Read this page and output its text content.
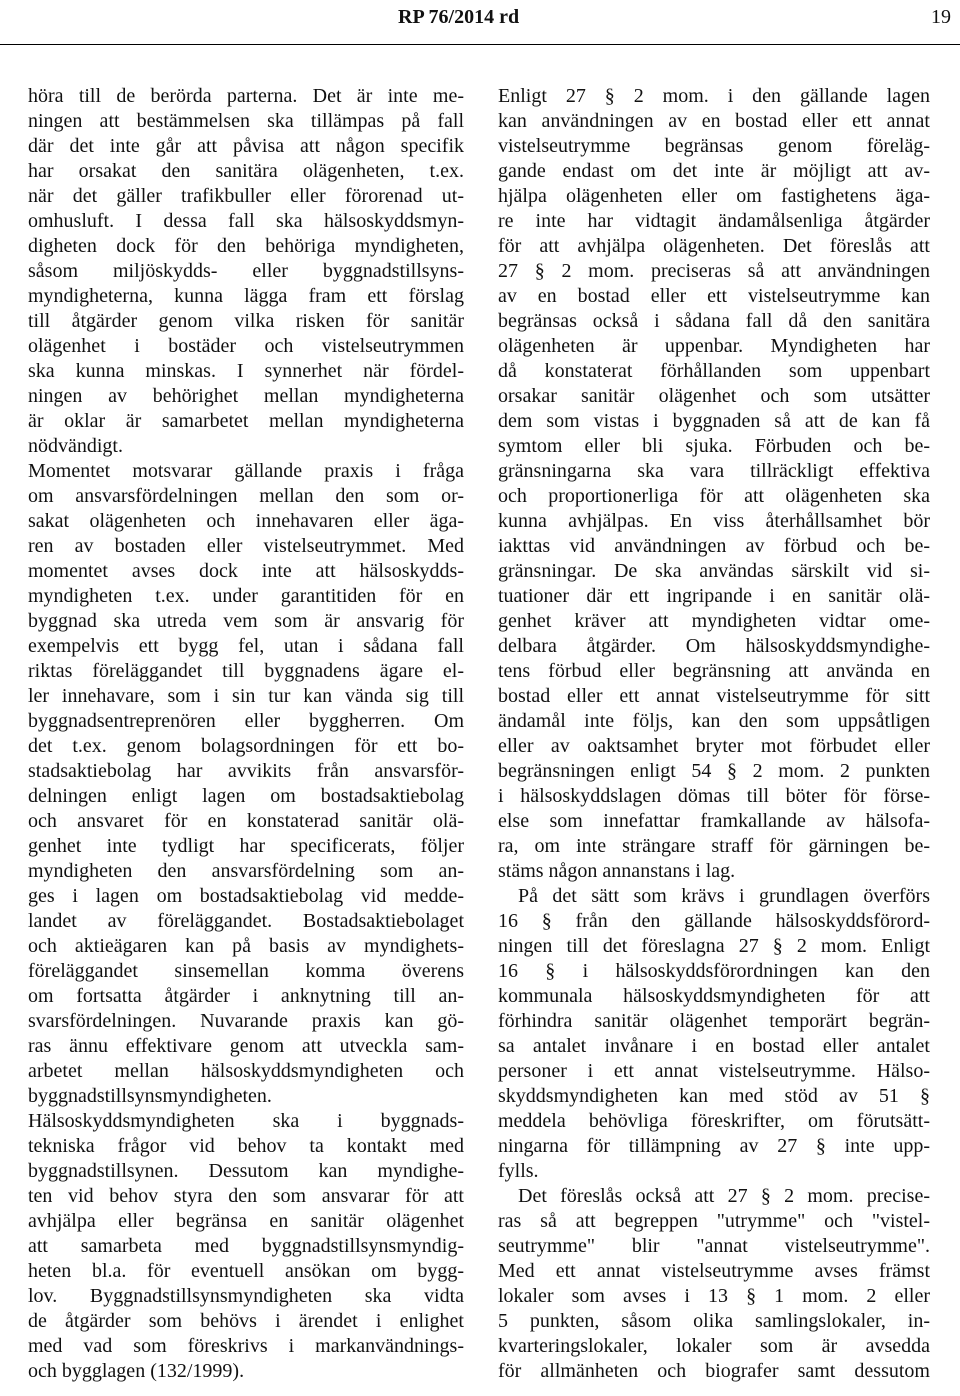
RP 76/2014 rd	19
höra till de berörda parterna. Det är inte me-
ningen att bestämmelsen ska tillämpas på fall
där det inte går att påvisa att någon specifik
har orsakat den sanitära olägenheten, t.ex.
när det gäller trafikbuller eller förorenad ut-
omhusluft. I dessa fall ska hälsoskyddsmyn-
digheten dock för den behöriga myndigheten,
såsom miljöskydds- eller byggnadstillsyns-
myndigheterna, kunna lägga fram ett förslag
till åtgärder genom vilka risken för sanitär
olägenhet i bostäder och vistelseutrymmen
ska kunna minskas. I synnerhet när fördel-
ningen av behörighet mellan myndigheterna
är oklar är samarbetet mellan myndigheterna
nödvändigt.
Momentet motsvarar gällande praxis i fråga
om ansvarsfördelningen mellan den som or-
sakat olägenheten och innehavaren eller äga-
ren av bostaden eller vistelseutrymmet. Med
momentet avses dock inte att hälsoskydds-
myndigheten t.ex. under garantitiden för en
byggnad ska utreda vem som är ansvarig för
exempelvis ett bygg fel, utan i sådana fall
riktas föreläggandet till byggnadens ägare el-
ler innehavare, som i sin tur kan vända sig till
byggnadsentreprenören eller byggherren. Om
det t.ex. genom bolagsordningen för ett bo-
stadsaktiebolag har avvikits från ansvarsför-
delningen enligt lagen om bostadsaktiebolag
och ansvaret för en konstaterad sanitär olä-
genhet inte tydligt har specificerats, följer
myndigheten den ansvarsfördelning som an-
ges i lagen om bostadsaktiebolag vid medde-
landet av föreläggandet. Bostadsaktiebolaget
och aktieägaren kan på basis av myndighets-
föreläggandet sinsemellan komma överens
om fortsatta åtgärder i anknytning till an-
svarsfördelningen. Nuvarande praxis kan gö-
ras ännu effektivare genom att utveckla sam-
arbetet mellan hälsoskyddsmyndigheten och
byggnadstillsynsmyndigheten.
Hälsoskyddsmyndigheten ska i byggnads-
tekniska frågor vid behov ta kontakt med
byggnadstillsynen. Dessutom kan myndighe-
ten vid behov styra den som ansvarar för att
avhjälpa eller begränsa en sanitär olägenhet
att samarbeta med byggnadstillsynsmyndig-
heten bl.a. för eventuell ansökan om bygg-
lov. Byggnadstillsynsmyndigheten ska vidta
de åtgärder som behövs i ärendet i enlighet
med vad som föreskrivs i markanvändnings-
och bygglagen (132/1999).
Enligt 27 § 2 mom. i den gällande lagen
kan användningen av en bostad eller ett annat
vistelseutrymme begränsas genom föreläg-
gande endast om det inte är möjligt att av-
hjälpa olägenheten eller om fastighetens äga-
re inte har vidtagit ändamålsenliga åtgärder
för att avhjälpa olägenheten. Det föreslås att
27 § 2 mom. preciseras så att användningen
av en bostad eller ett vistelseutrymme kan
begränsas också i sådana fall då den sanitära
olägenheten är uppenbar. Myndigheten har
då konstaterat förhållanden som uppenbart
orsakar sanitär olägenhet och som utsätter
dem som vistas i byggnaden så att de kan få
symtom eller bli sjuka. Förbuden och be-
gränsningarna ska vara tillräckligt effektiva
och proportionerliga för att olägenheten ska
kunna avhjälpas. En viss återhållsamhet bör
iakttas vid användningen av förbud och be-
gränsningar. De ska användas särskilt vid si-
tuationer där ett ingripande i en sanitär olä-
genhet kräver att myndigheten vidtar ome-
delbara åtgärder. Om hälsoskyddsmyndighe-
tens förbud eller begränsning att använda en
bostad eller ett annat vistelseutrymme för sitt
ändamål inte följs, kan den som uppsåtligen
eller av oaktsamhet bryter mot förbudet eller
begränsningen enligt 54 § 2 mom. 2 punkten
i hälsoskyddslagen dömas till böter för förse-
else som innefattar framkallande av hälsofa-
ra, om inte strängare straff för gärningen be-
stäms någon annanstans i lag.
På det sätt som krävs i grundlagen överförs
16 § från den gällande hälsoskyddsförord-
ningen till det föreslagna 27 § 2 mom. Enligt
16 § i hälsoskyddsförordningen kan den
kommunala hälsoskyddsmyndigheten för att
förhindra sanitär olägenhet temporärt begrän-
sa antalet invånare i en bostad eller antalet
personer i ett annat vistelseutrymme. Hälso-
skyddsmyndigheten kan med stöd av 51 §
meddela behövliga föreskrifter, om förutsätt-
ningarna för tillämpning av 27 § inte upp-
fylls.
Det föreslås också att 27 § 2 mom. precise-
ras så att begreppen "utrymme" och "vistel-
seutrymme" blir "annat vistelseutrymme".
Med ett annat vistelseutrymme avses främst
lokaler som avses i 13 § 1 mom. 2 eller
5 punkten, såsom olika samlingslokaler, in-
kvarteringslokaler, lokaler som är avsedda
för allmänheten och biografer samt dessutom
